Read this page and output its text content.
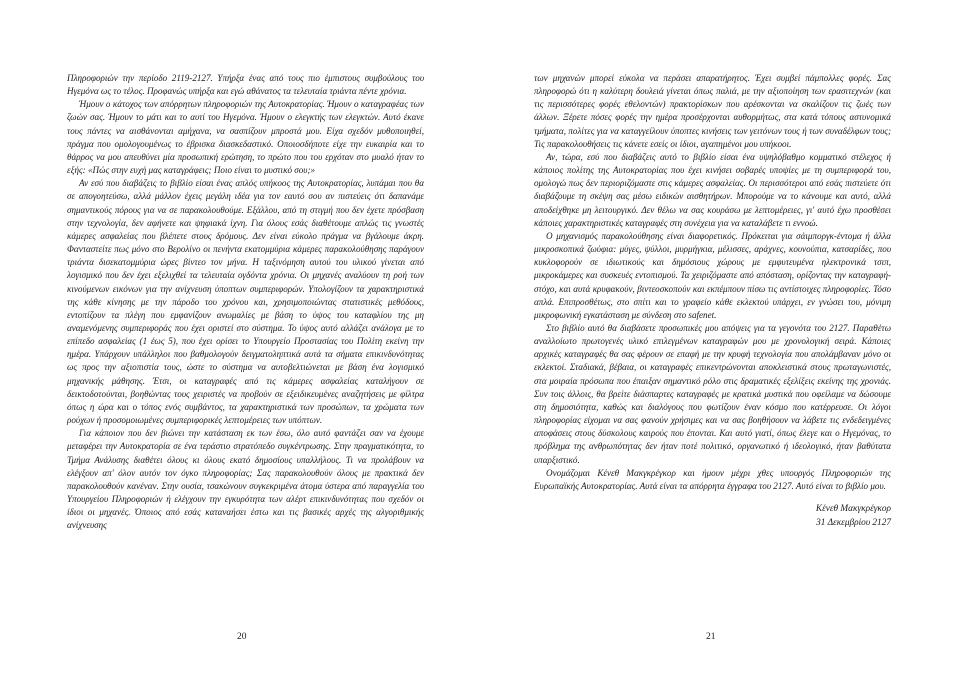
Πληροφοριών την περίοδο 2119-2127. Υπήρξα ένας από τους πιο έμπιστους συμβούλους του Ηγεμόνα ως το τέλος. Προφανώς υπήρξα και εγώ αθάνατος τα τελευταία τριάντα πέντε χρόνια.

Ήμουν ο κάτοχος των απόρρητων πληροφοριών της Αυτοκρατορίας. Ήμουν ο καταγραφέας των ζωών σας. Ήμουν το μάτι και το αυτί του Ηγεμόνα. Ήμουν ο ελεγκτής των ελεγκτών. Αυτό έκανε τους πάντες να αισθάνονται αμήχανα, να σασπίζουν μπροστά μου. Είχα σχεδόν μυθοποιηθεί, πράγμα που ομολογουμένως το έβρισκα διασκεδαστικό. Οποιοσδήποτε είχε την ευκαιρία και το θάρρος να μου απευθύνει μία προσωπική ερώτηση, το πρώτο που του ερχόταν στο μυαλό ήταν το εξής: «Πώς στην ευχή μας καταγράφεις; Ποιο είναι το μυστικό σου;»

Αν εσύ που διαβάζεις το βιβλίο είσαι ένας απλός υπήκοος της Αυτοκρατορίας, λυπάμαι που θα σε απογοητεύσω, αλλά μάλλον έχεις μεγάλη ιδέα για τον εαυτό σου αν πιστεύεις ότι δαπανάμε σημαντικούς πόρους για να σε παρακολουθούμε. Εξάλλου, από τη στιγμή που δεν έχετε πρόσβαση στην τεχνολογία, δεν αφήνετε και ψηφιακά ίχνη. Για όλους εσάς διαθέτουμε απλώς τις γνωστές κάμερες ασφαλείας που βλέπετε στους δρόμους. Δεν είναι εύκολο πράγμα να βγάλουμε άκρη. Φανταστείτε πως μόνο στο Βερολίνο οι πενήντα εκατομμύρια κάμερες παρακολούθησης παράγουν τριάντα δισεκατομμύρια ώρες βίντεο τον μήνα. Η ταξινόμηση αυτού του υλικού γίνεται από λογισμικό που δεν έχει εξελιχθεί τα τελευταία ογδόντα χρόνια. Οι μηχανές αναλύουν τη ροή των κινούμενων εικόνων για την ανίχνευση ύποπτων συμπεριφορών. Υπολογίζουν τα χαρακτηριστικά της κάθε κίνησης με την πάροδο του χρόνου και, χρησιμοποιώντας στατιστικές μεθόδους, εντοπίζουν τα πλέγη που εμφανίζουν ανωμαλίες με βάση το ύψος του καταφλίου της μη αναμενόμενης συμπεριφοράς που έχει οριστεί στο σύστημα. Το ύψος αυτό αλλάζει ανάλογα με το επίπεδο ασφαλείας (1 έως 5), που έχει ορίσει το Υπουργείο Προστασίας του Πολίτη εκείνη την ημέρα. Υπάρχουν υπάλληλοι που βαθμολογούν δειγματοληπτικά αυτά τα σήματα επικινδυνότητας ως προς την αξιοπιστία τους, ώστε το σύστημα να αυτοβελτιώνεται με βάση ένα λογισμικό μηχανικής μάθησης. Έτσι, οι καταγραφές από τις κάμερες ασφαλείας καταλήγουν σε δεικτοδοτούνται, βοηθώντας τους χειριστές να προβούν σε εξειδικευμένες αναζητήσεις με φίλτρα όπως η ώρα και ο τόπος ενός συμβάντος, τα χαρακτηριστικά των προσώπων, τα χρώματα των ρούχων ή προσομοιωμένες συμπεριφορικές λεπτομέρειες των υπόπτων.

Για κάποιον που δεν βιώνει την κατάσταση εκ των έσω, όλο αυτό φαντάζει σαν να έχουμε μεταφέρει την Αυτοκρατορία σε ένα τεράστιο στρατόπεδο συγκέντρωσης. Στην πραγματικότητα, το Τμήμα Ανάλυσης διαθέτει όλους κι όλους εκατό δημοσίους υπαλλήλους. Τι να προλάβουν να ελέγξουν απ' όλον αυτόν τον όγκο πληροφορίας; Σας παρακολουθούν όλους με πρακτικά δεν παρακολουθούν κανέναν. Στην ουσία, τσακώνουν συγκεκριμένα άτομα ύστερα από παραγγελία του Υπουργείου Πληροφοριών ή ελέγχουν την εγκυρότητα των αλέρτ επικινδυνότητας που σχεδόν οι ίδιοι οι μηχανές. Όποιος από εσάς καταναήσει έστω και τις βασικές αρχές της αλγοριθμικής ανίχνευσης

20

των μηχανών μπορεί εύκολα να περάσει απαρατήρητος. Έχει συμβεί πάμπολλες φορές. Σας πληροφορώ ότι η καλύτερη δουλειά γίνεται όπως παλιά, με την αξιοποίηση των ερασιτεχνών (και τις περισσότερες φορές εθελοντών) πρακτορίσκων που αρέσκονται να σκαλίζουν τις ζωές των άλλων. Ξέρετε πόσες φορές την ημέρα προσέρχονται αυθορμήτως, στα κατά τόπους αστυνομικά τμήματα, πολίτες για να καταγγείλουν ύποπτες κινήσεις των γειτόνων τους ή των συναδέλφων τους; Τις παρακολουθήσεις τις κάνετε εσείς οι ίδιοι, αγαπημένοι μου υπήκοοι.

Αν, τώρα, εσύ που διαβάζεις αυτό το βιβλίο είσαι ένα υψηλόβαθμο κομματικό στέλεχος ή κάποιος πολίτης της Αυτοκρατορίας που έχει κινήσει σοβαρές υποψίες με τη συμπεριφορά του, ομολογώ πως δεν περιοριζόμαστε στις κάμερες ασφαλείας. Οι περισσότεροι από εσάς πιστεύετε ότι διαβάζουμε τη σκέψη σας μέσω ειδικών αισθητήρων. Μπορούμε να το κάνουμε και αυτό, αλλά αποδείχθηκε μη λειτουργικό. Δεν θέλω να σας κουράσω με λεπτομέρειες, γι' αυτό έχω προσθέσει κάποιες χαρακτηριστικές καταγραφές στη συνέχεια για να καταλάβετε τι εννοώ.

Ο μηχανισμός παρακολούθησης είναι διαφορετικός. Πρόκειται για σάιμποργκ-έντομα ή άλλα μικροσκοπικά ζωύφια: μύγες, ψύλλοι, μυρμήγκια, μέλισσες, αράχνες, κουνούπια, κατσαρίδες, που κυκλοφορούν σε ιδιωτικούς και δημόσιους χώρους με εμφυτευμένα ηλεκτρονικά τσιπ, μικροκάμερες και συσκευές εντοπισμού. Τα χειριζόμαστε από απόσταση, ορίζοντας την καταγραφή-στόχο, και αυτά κρυφακούν, βιντεοσκοπούν και εκπέμπουν πίσω τις αντίστοιχες πληροφορίες. Τόσο απλά. Επιπροσθέτως, στο σπίτι και το γραφείο κάθε εκλεκτού υπάρχει, εν γνώσει του, μόνιμη μικροφωνική εγκατάσταση με σύνδεση στο safenet.

Στο βιβλίο αυτό θα διαβάσετε προσωπικές μου απόψεις για τα γεγονότα του 2127. Παραθέτω αναλλοίωτο πρωτογενές υλικό επιλεγμένων καταγραφών μου με χρονολογική σειρά. Κάποιες αρχικές καταγραφές θα σας φέρουν σε επαφή με την κρυφή τεχνολογία που απολάμβαναν μόνο οι εκλεκτοί. Σταδιακά, βέβαια, οι καταγραφές επικεντρώνονται αποκλειστικά στους πρωταγωνιστές, στα μοιραία πρόσωπα που έπαιξαν σημαντικό ρόλο στις δραματικές εξελίξεις εκείνης της χρονιάς. Συν τοις άλλοις, θα βρείτε διάσπαρτες καταγραφές με κρατικά μυστικά που οφείλαμε να δώσουμε στη δημοσιότητα, καθώς και διαλόγους που φωτίζουν έναν κόσμο που κατέρρευσε. Οι λόγοι πληροφορίας είχομαι να σας φανούν χρήσιμες και να σας βοηθήσουν να λάβετε τις ενδεδειγμένες αποφάσεις στους δύσκολους καιρούς που έπονται. Και αυτό γιατί, όπως έλεγε και ο Ηγεμόνας, το πρόβλημα της ανθρωπότητας δεν ήταν ποτέ πολιτικό, οργανωτικό ή ιδεολογικό, ήταν βαθύτατα υπαρξιστικό.

Ονομάζομαι Κένεθ Μακγκρέγκορ και ήμουν μέχρι χθες υπουργός Πληροφοριών της Ευρωπαϊκής Αυτοκρατορίας. Αυτά είναι τα απόρρητα έγγραφα του 2127. Αυτό είναι το βιβλίο μου.

Κένεθ Μακγκρέγκορ
31 Δεκεμβρίου 2127
21
